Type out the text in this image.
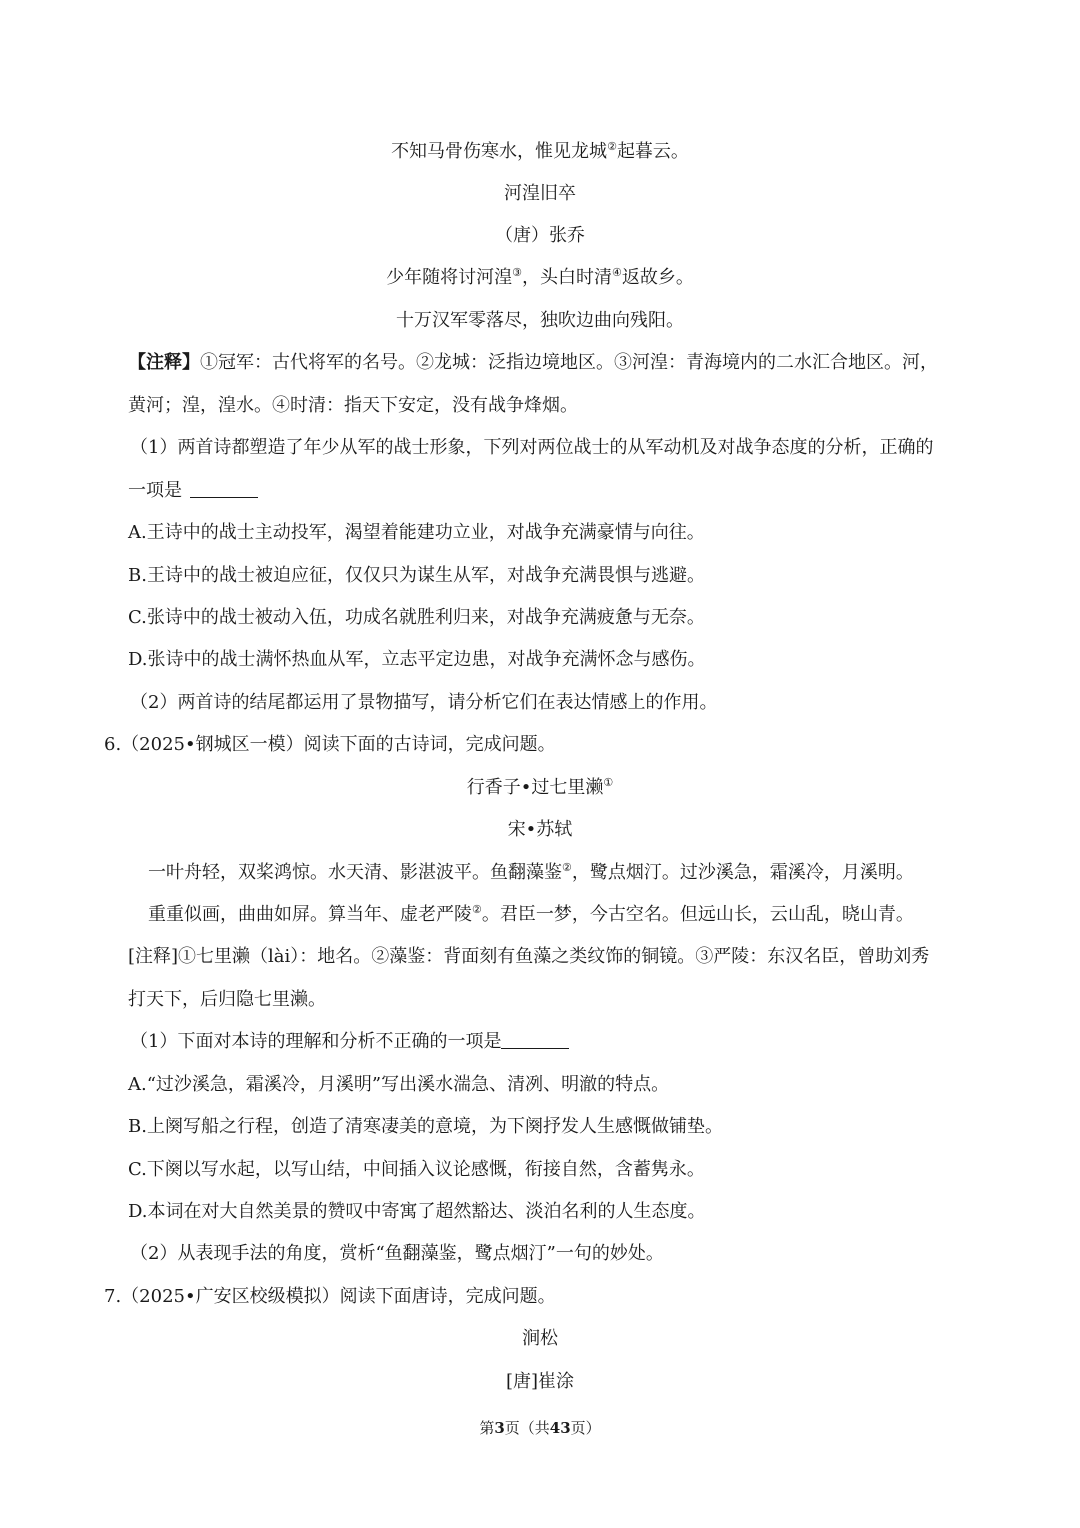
不知马骨伤寒水，惟见龙城②起暮云。
河湟旧卒
（唐）张乔
少年随将讨河湟③，头白时清④返故乡。
十万汉军零落尽，独吹边曲向残阳。
【注释】①冠军：古代将军的名号。②龙城：泛指边境地区。③河湟：青海境内的二水汇合地区。河，
黄河；湟，湟水。④时清：指天下安定，没有战争烽烟。
（1）两首诗都塑造了年少从军的战士形象，下列对两位战士的从军动机及对战争态度的分析，正确的
一项是
A.王诗中的战士主动投军，渴望着能建功立业，对战争充满豪情与向往。
B.王诗中的战士被迫应征，仅仅只为谋生从军，对战争充满畏惧与逃避。
C.张诗中的战士被动入伍，功成名就胜利归来，对战争充满疲惫与无奈。
D.张诗中的战士满怀热血从军，立志平定边患，对战争充满怀念与感伤。
（2）两首诗的结尾都运用了景物描写，请分析它们在表达情感上的作用。
6.（2025•钢城区一模）阅读下面的古诗词，完成问题。
行香子•过七里濑①
宋•苏轼
一叶舟轻，双桨鸿惊。水天清、影湛波平。鱼翻藻鉴②，鹭点烟汀。过沙溪急，霜溪冷，月溪明。
重重似画，曲曲如屏。算当年、虚老严陵②。君臣一梦，今古空名。但远山长，云山乱，晓山青。
[注释]①七里濑（lài）：地名。②藻鉴：背面刻有鱼藻之类纹饰的铜镜。③严陵：东汉名臣，曾助刘秀
打天下，后归隐七里濑。
（1）下面对本诗的理解和分析不正确的一项是
A.“过沙溪急，霜溪冷，月溪明”写出溪水湍急、清冽、明澈的特点。
B.上阕写船之行程，创造了清寒凄美的意境，为下阕抒发人生感慨做铺垫。
C.下阕以写水起，以写山结，中间插入议论感慨，衔接自然，含蓄隽永。
D.本词在对大自然美景的赞叹中寄寓了超然豁达、淡泊名利的人生态度。
（2）从表现手法的角度，赏析“鱼翻藻鉴，鹭点烟汀”一句的妙处。
7.（2025•广安区校级模拟）阅读下面唐诗，完成问题。
涧松
[唐]崔涂
第3页（共43页）
